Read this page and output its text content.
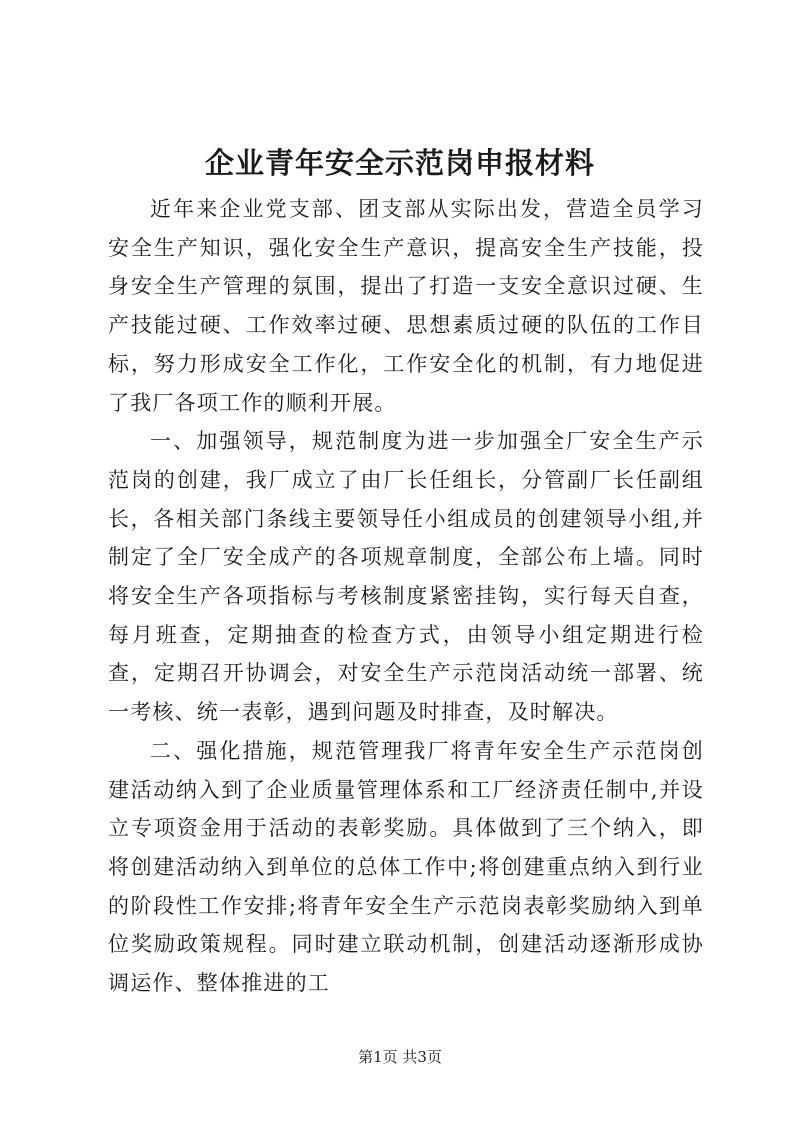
企业青年安全示范岗申报材料

近年来企业党支部、团支部从实际出发，营造全员学习安全生产知识，强化安全生产意识，提高安全生产技能，投身安全生产管理的氛围，提出了打造一支安全意识过硬、生产技能过硬、工作效率过硬、思想素质过硬的队伍的工作目标，努力形成安全工作化，工作安全化的机制，有力地促进了我厂各项工作的顺利开展。

一、加强领导，规范制度为进一步加强全厂安全生产示范岗的创建，我厂成立了由厂长任组长，分管副厂长任副组长，各相关部门条线主要领导任小组成员的创建领导小组,并制定了全厂安全成产的各项规章制度，全部公布上墙。同时将安全生产各项指标与考核制度紧密挂钩，实行每天自查，每月班查，定期抽查的检查方式，由领导小组定期进行检查，定期召开协调会，对安全生产示范岗活动统一部署、统一考核、统一表彰，遇到问题及时排查，及时解决。

二、强化措施，规范管理我厂将青年安全生产示范岗创建活动纳入到了企业质量管理体系和工厂经济责任制中,并设立专项资金用于活动的表彰奖励。具体做到了三个纳入，即将创建活动纳入到单位的总体工作中;将创建重点纳入到行业的阶段性工作安排;将青年安全生产示范岗表彰奖励纳入到单位奖励政策规程。同时建立联动机制，创建活动逐渐形成协调运作、整体推进的工

第1页 共3页
